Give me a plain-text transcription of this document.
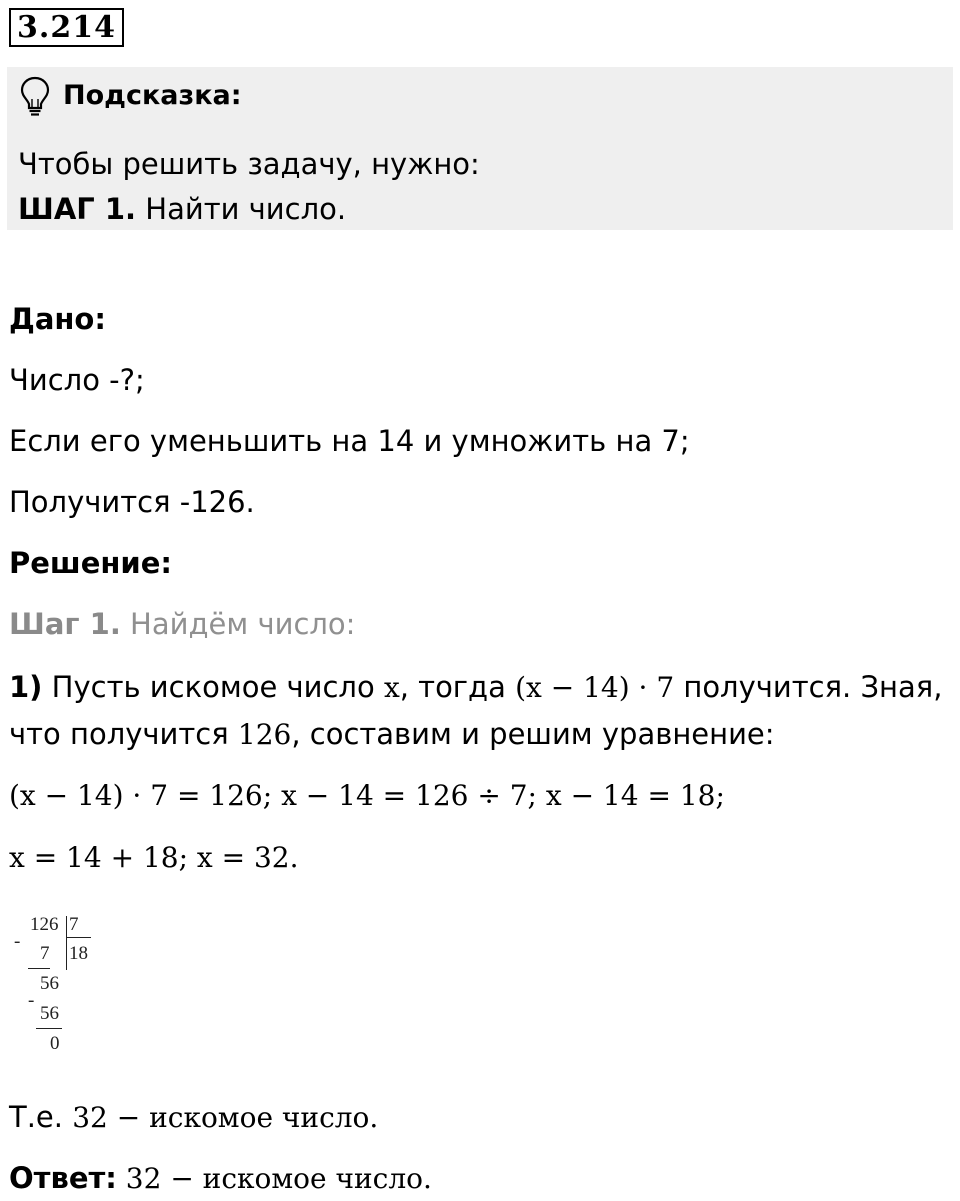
3.214
Подсказка:
Чтобы решить задачу, нужно:
ШАГ 1. Найти число.
Дано:
Число -?;
Если его уменьшить на 14 и умножить на 7;
Получится -126.
Решение:
Шаг 1. Найдём число:
1) Пусть искомое число x, тогда (x − 14) · 7 получится. Зная,
что получится 126, составим и решим уравнение:
(x − 14) · 7 = 126; x − 14 = 126 ÷ 7; x − 14 = 18;
x = 14 + 18; x = 32.
126 7
-
7 18
56
-
56
0
Т.е. 32 − искомое число.
Ответ: 32 − искомое число.
